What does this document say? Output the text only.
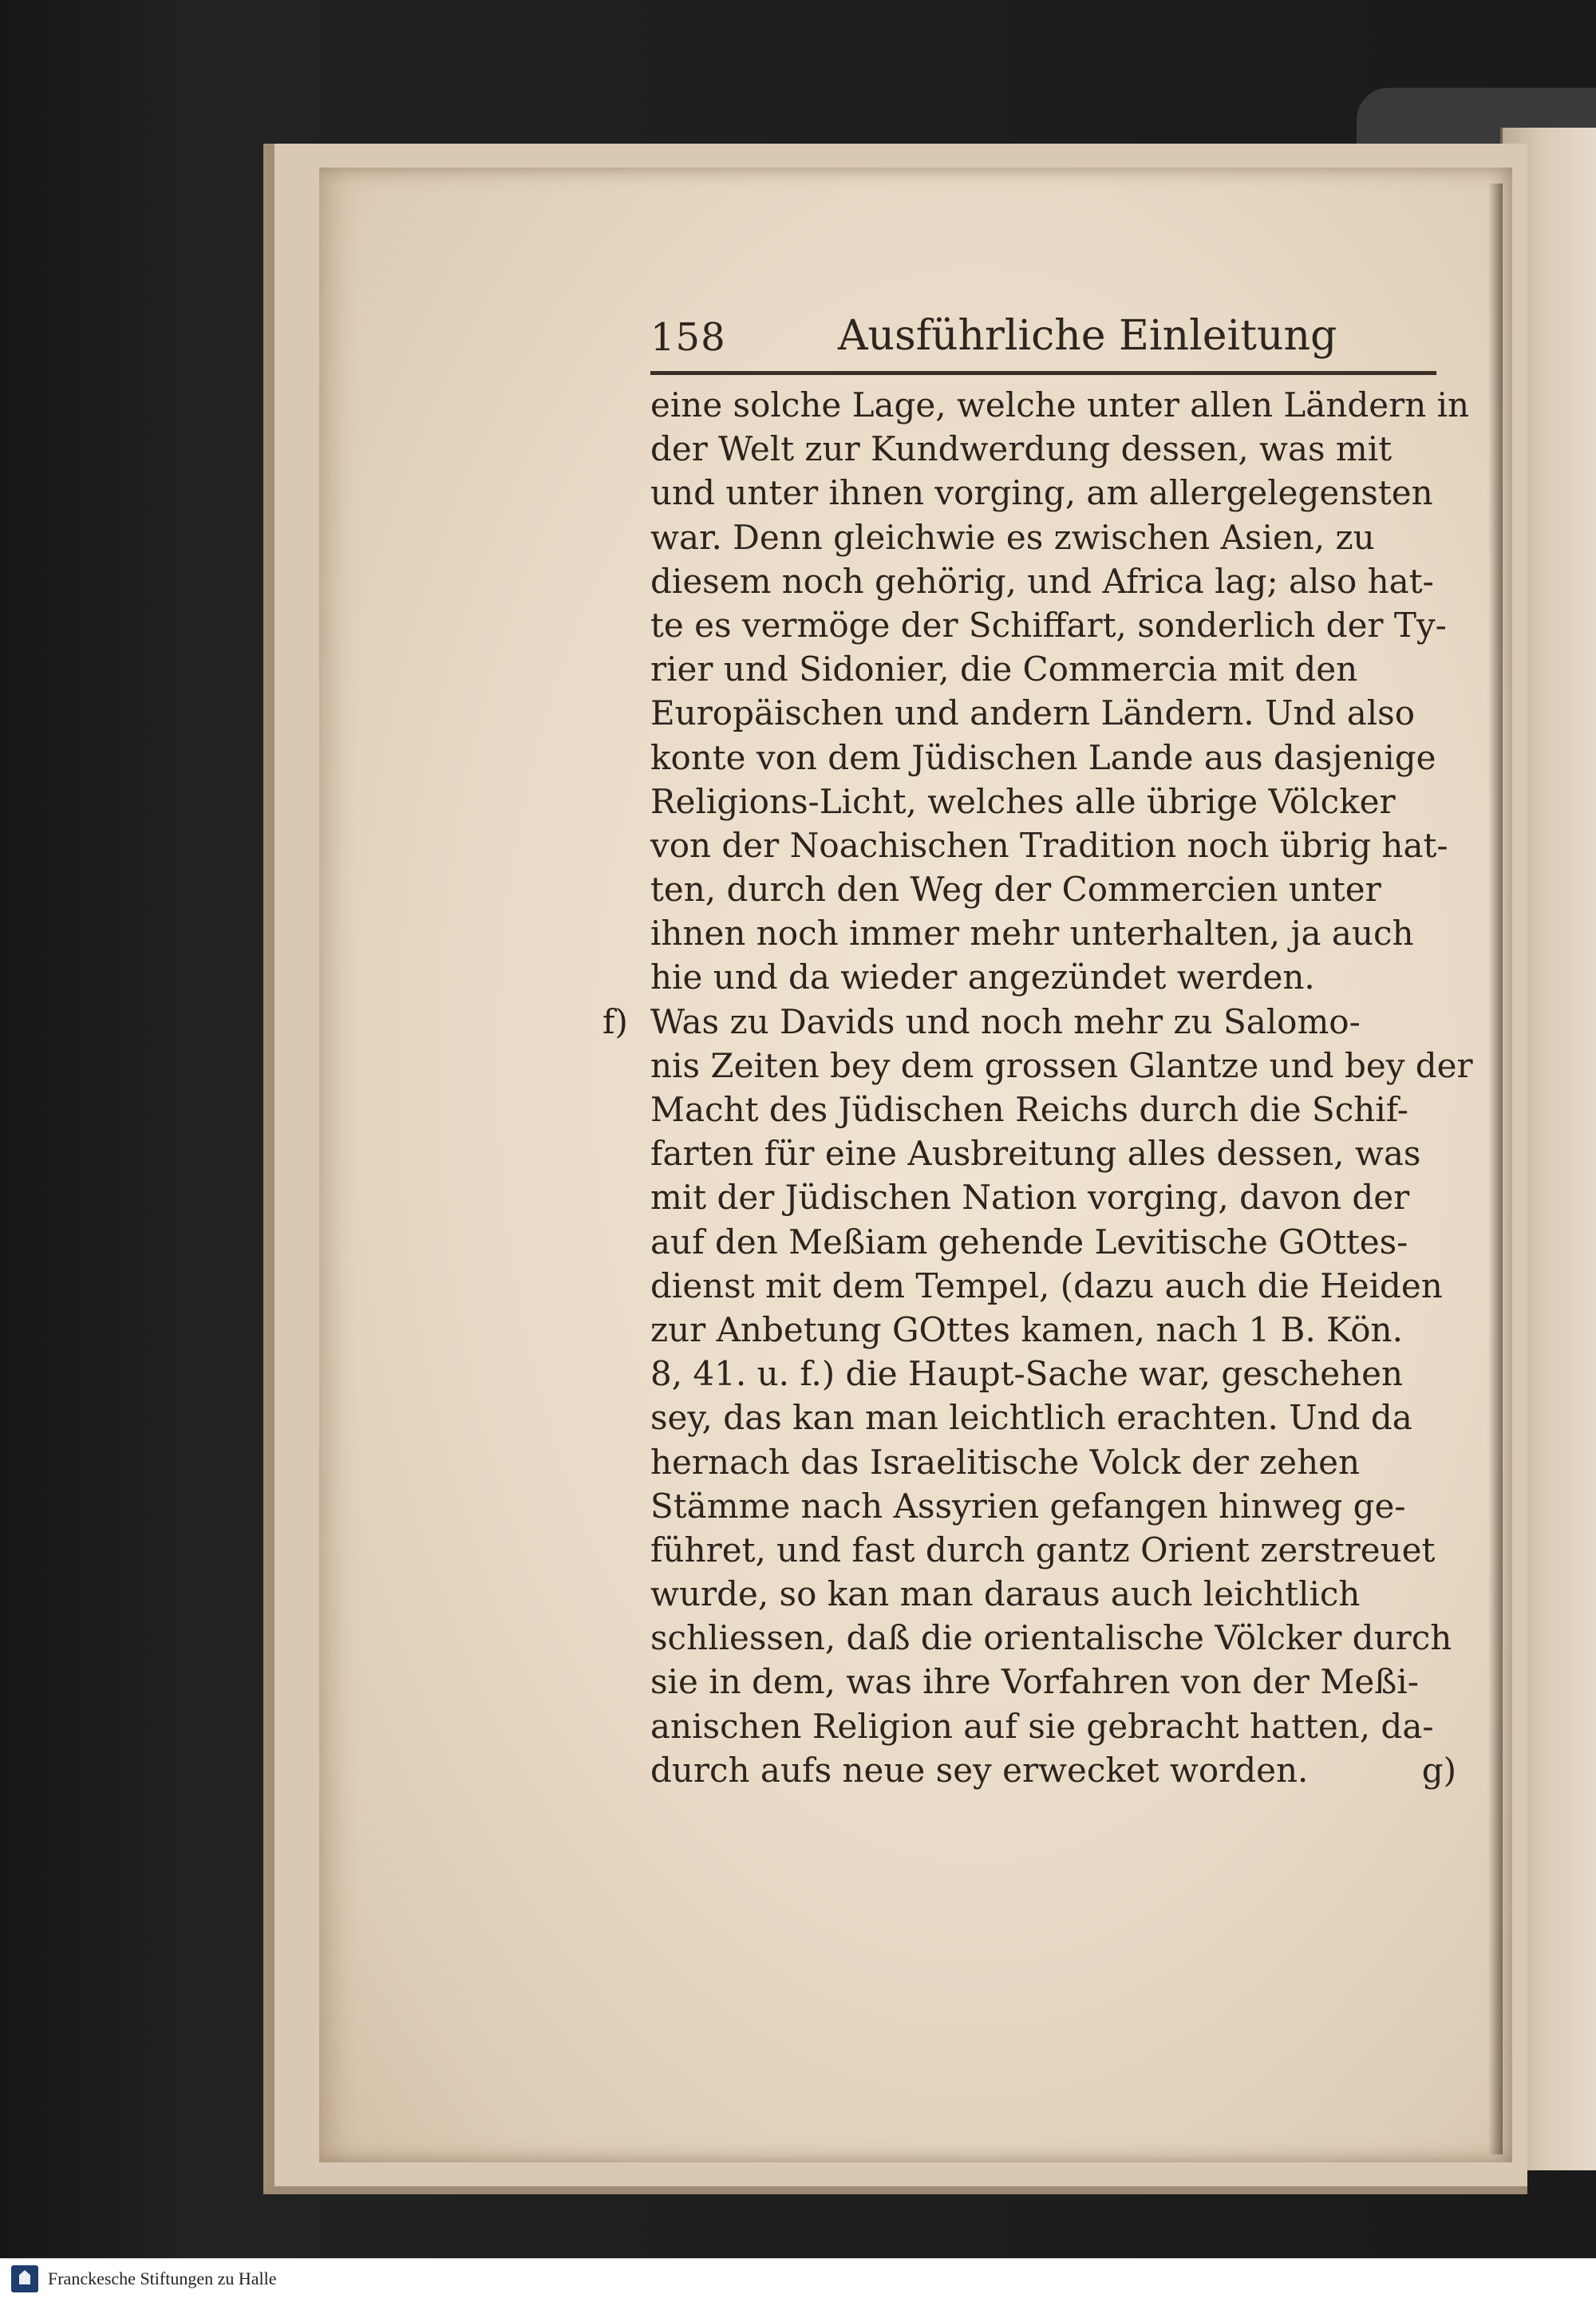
158	Ausführliche Einleitung
eine solche Lage, welche unter allen Ländern in
der Welt zur Kundwerdung dessen, was mit
und unter ihnen vorging, am allergelegensten
war. Denn gleichwie es zwischen Asien, zu
diesem noch gehörig, und Africa lag; also hat-
te es vermöge der Schiffart, sonderlich der Ty-
rier und Sidonier, die Commercia mit den
Europäischen und andern Ländern. Und also
konte von dem Jüdischen Lande aus dasjenige
Religions-Licht, welches alle übrige Völcker
von der Noachischen Tradition noch übrig hat-
ten, durch den Weg der Commercien unter
ihnen noch immer mehr unterhalten, ja auch
hie und da wieder angezündet werden.
f) Was zu Davids und noch mehr zu Salomo-
nis Zeiten bey dem grossen Glantze und bey der
Macht des Jüdischen Reichs durch die Schif-
farten für eine Ausbreitung alles dessen, was
mit der Jüdischen Nation vorging, davon der
auf den Meßiam gehende Levitische GOttes-
dienst mit dem Tempel, (dazu auch die Heiden
zur Anbetung GOttes kamen, nach 1 B. Kön.
8, 41. u. f.) die Haupt-Sache war, geschehen
sey, das kan man leichtlich erachten. Und da
hernach das Israelitische Volck der zehen
Stämme nach Assyrien gefangen hinweg ge-
führet, und fast durch gantz Orient zerstreuet
wurde, so kan man daraus auch leichtlich
schliessen, daß die orientalische Völcker durch
sie in dem, was ihre Vorfahren von der Meßi-
anischen Religion auf sie gebracht hatten, da-
durch aufs neue sey erwecket worden.	g)
Franckesche Stiftungen zu Halle
